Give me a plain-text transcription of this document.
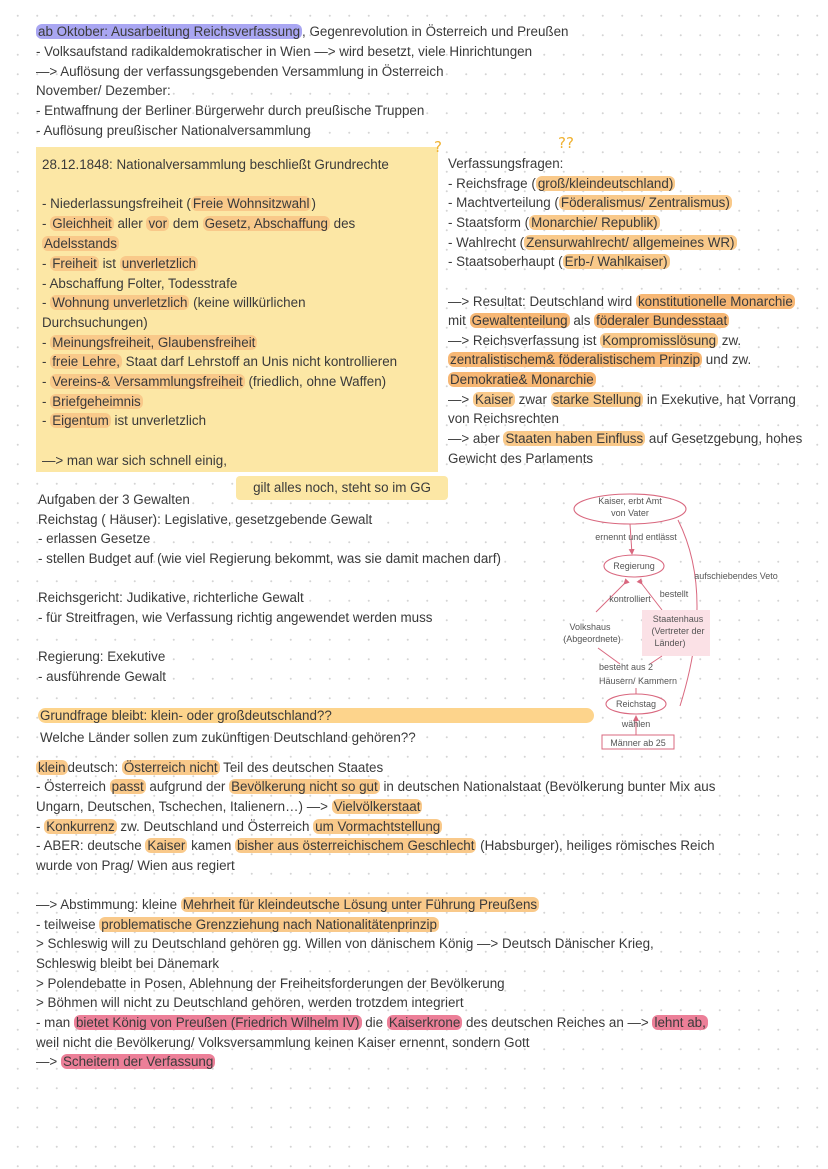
ab Oktober: Ausarbeitung Reichsverfassung , Gegenrevolution in Österreich und Preußen
- Volksaufstand radikaldemokratischer in Wien —> wird besetzt, viele Hinrichtungen
—> Auflösung der verfassungsgebenden Versammlung in Österreich
November/ Dezember:
- Entwaffnung der Berliner Bürgerwehr durch preußische Truppen
- Auflösung preußischer Nationalversammlung
28.12.1848: Nationalversammlung beschließt Grundrechte
- Niederlassungsfreiheit ( Freie Wohnsitzwahl )
- Gleichheit aller vor dem Gesetz, Abschaffung des
Adelsstands
- Freiheit ist unverletzlich
- Abschaffung Folter, Todesstrafe
- Wohnung unverletzlich (keine willkürlichen
Durchsuchungen)
- Meinungsfreiheit, Glaubensfreiheit
- freie Lehre, Staat darf Lehrstoff an Unis nicht kontrollieren
- Vereins-& Versammlungsfreiheit (friedlich, ohne Waffen)
- Briefgeheimnis
- Eigentum ist unverletzlich
—> man war sich schnell einig,
gilt alles noch, steht so im GG
?	??
Verfassungsfragen:
- Reichsfrage ( groß/kleindeutschland)
- Machtverteilung ( Föderalismus/ Zentralismus)
- Staatsform ( Monarchie/ Republik)
- Wahlrecht ( Zensurwahlrecht/ allgemeines WR)
- Staatsoberhaupt ( Erb-/ Wahlkaiser)
—> Resultat: Deutschland wird konstitutionelle Monarchie
mit Gewaltenteilung als föderaler Bundesstaat
—> Reichsverfassung ist Kompromisslösung zw.
zentralistischem& föderalistischem Prinzip und zw.
Demokratie& Monarchie
—> Kaiser zwar starke Stellung in Exekutive, hat Vorrang
von Reichsrechten
—> aber Staaten haben Einfluss auf Gesetzgebung, hohes
Gewicht des Parlaments
Aufgaben der 3 Gewalten
Reichstag ( Häuser): Legislative, gesetzgebende Gewalt
- erlassen Gesetze
- stellen Budget auf (wie viel Regierung bekommt, was sie damit machen darf)
Reichsgericht: Judikative, richterliche Gewalt
- für Streitfragen, wie Verfassung richtig angewendet werden muss
Regierung: Exekutive
- ausführende Gewalt
Kaiser, erbt Amt
von Vater
ernennt und entlässt
Regierung
aufschiebendes Veto
kontrolliert bestellt
Volkshaus
(Abgeordnete)
Staatenhaus
(Vertreter der
Länder)
besteht aus 2
Häusern/ Kammern
Reichstag
wählen
Männer ab 25
Grundfrage bleibt: klein- oder großdeutschland??
Welche Länder sollen zum zukünftigen Deutschland gehören??
klein deutsch: Österreich nicht Teil des deutschen Staates
- Österreich passt aufgrund der Bevölkerung nicht so gut in deutschen Nationalstaat (Bevölkerung bunter Mix aus
Ungarn, Deutschen, Tschechen, Italienern…) —> Vielvölkerstaat
- Konkurrenz zw. Deutschland und Österreich um Vormachtstellung
- ABER: deutsche Kaiser kamen bisher aus österreichischem Geschlecht (Habsburger), heiliges römisches Reich
wurde von Prag/ Wien aus regiert
—> Abstimmung: kleine Mehrheit für kleindeutsche Lösung unter Führung Preußens
- teilweise problematische Grenzziehung nach Nationalitätenprinzip
> Schleswig will zu Deutschland gehören gg. Willen von dänischem König —> Deutsch Dänischer Krieg,
Schleswig bleibt bei Dänemark
> Polendebatte in Posen, Ablehnung der Freiheitsforderungen der Bevölkerung
> Böhmen will nicht zu Deutschland gehören, werden trotzdem integriert
- man bietet König von Preußen (Friedrich Wilhelm IV) die Kaiserkrone des deutschen Reiches an —> lehnt ab,
weil nicht die Bevölkerung/ Volksversammlung keinen Kaiser ernennt, sondern Gott
—> Scheitern der Verfassung
